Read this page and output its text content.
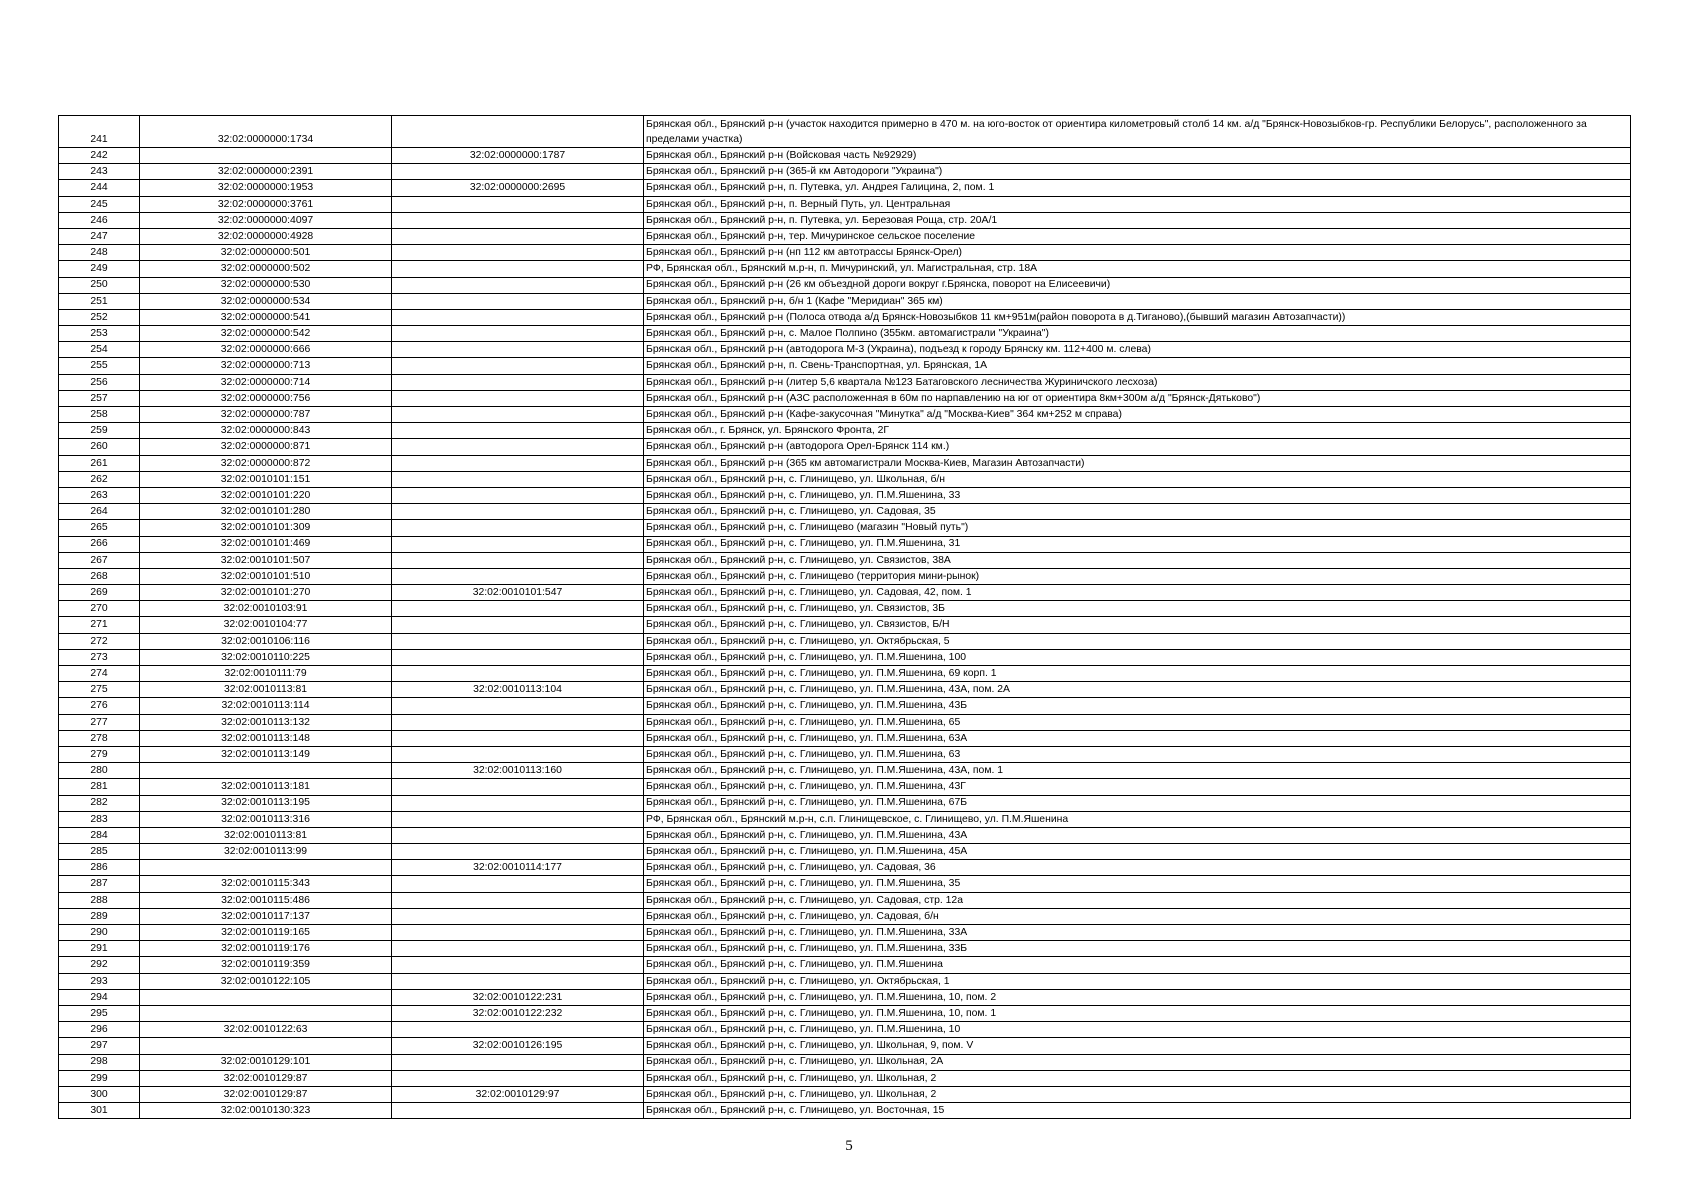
241	32:02:0000000:1734		Брянская обл., Брянский р-н (участок находится примерно в 470 м. на юго-восток от ориентира километровый столб 14 км. а/д "Брянск-Новозыбков-гр. Республики Белорусь", расположенного за пределами участка)
242		32:02:0000000:1787	Брянская обл., Брянский р-н (Войсковая часть №92929)
243	32:02:0000000:2391		Брянская обл., Брянский р-н (365-й км Автодороги "Украина")
244	32:02:0000000:1953	32:02:0000000:2695	Брянская обл., Брянский р-н, п. Путевка, ул. Андрея Галицина, 2, пом. 1
245	32:02:0000000:3761		Брянская обл., Брянский р-н, п. Верный Путь, ул. Центральная
246	32:02:0000000:4097		Брянская обл., Брянский р-н, п. Путевка, ул. Березовая Роща, стр. 20А/1
247	32:02:0000000:4928		Брянская обл., Брянский р-н, тер. Мичуринское сельское поселение
248	32:02:0000000:501		Брянская обл., Брянский р-н (нп 112 км автотрассы Брянск-Орел)
249	32:02:0000000:502		РФ, Брянская обл., Брянский м.р-н, п. Мичуринский, ул. Магистральная, стр. 18А
250	32:02:0000000:530		Брянская обл., Брянский р-н (26 км объездной дороги вокруг г.Брянска, поворот на Елисеевичи)
251	32:02:0000000:534		Брянская обл., Брянский р-н, б/н 1 (Кафе "Меридиан" 365 км)
252	32:02:0000000:541		Брянская обл., Брянский р-н (Полоса отвода а/д Брянск-Новозыбков 11 км+951м(район поворота в д.Тиганово),(бывший магазин Автозапчасти))
253	32:02:0000000:542		Брянская обл., Брянский р-н, с. Малое Полпино (355км. автомагистрали "Украина")
254	32:02:0000000:666		Брянская обл., Брянский р-н (автодорога М-3 (Украина), подъезд к городу Брянску км. 112+400 м. слева)
255	32:02:0000000:713		Брянская обл., Брянский р-н, п. Свень-Транспортная, ул. Брянская, 1А
256	32:02:0000000:714		Брянская обл., Брянский р-н (литер 5,6 квартала №123 Батаговского лесничества Журиничского лесхоза)
257	32:02:0000000:756		Брянская обл., Брянский р-н (АЗС расположенная в 60м по нарпавлению на юг от ориентира 8км+300м а/д "Брянск-Дятьково")
258	32:02:0000000:787		Брянская обл., Брянский р-н (Кафе-закусочная "Минутка" а/д "Москва-Киев" 364 км+252 м справа)
259	32:02:0000000:843		Брянская обл., г. Брянск, ул. Брянского Фронта, 2Г
260	32:02:0000000:871		Брянская обл., Брянский р-н (автодорога Орел-Брянск 114 км.)
261	32:02:0000000:872		Брянская обл., Брянский р-н (365 км автомагистрали Москва-Киев, Магазин Автозапчасти)
262	32:02:0010101:151		Брянская обл., Брянский р-н, с. Глинищево, ул. Школьная, б/н
263	32:02:0010101:220		Брянская обл., Брянский р-н, с. Глинищево, ул. П.М.Яшенина, 33
264	32:02:0010101:280		Брянская обл., Брянский р-н, с. Глинищево, ул. Садовая, 35
265	32:02:0010101:309		Брянская обл., Брянский р-н, с. Глинищево (магазин "Новый путь")
266	32:02:0010101:469		Брянская обл., Брянский р-н, с. Глинищево, ул. П.М.Яшенина, 31
267	32:02:0010101:507		Брянская обл., Брянский р-н, с. Глинищево, ул. Связистов, 38А
268	32:02:0010101:510		Брянская обл., Брянский р-н, с. Глинищево (территория мини-рынок)
269	32:02:0010101:270	32:02:0010101:547	Брянская обл., Брянский р-н, с. Глинищево, ул. Садовая, 42, пом. 1
270	32:02:0010103:91		Брянская обл., Брянский р-н, с. Глинищево, ул. Связистов, 3Б
271	32:02:0010104:77		Брянская обл., Брянский р-н, с. Глинищево, ул. Связистов, Б/Н
272	32:02:0010106:116		Брянская обл., Брянский р-н, с. Глинищево, ул. Октябрьская, 5
273	32:02:0010110:225		Брянская обл., Брянский р-н, с. Глинищево, ул. П.М.Яшенина, 100
274	32:02:0010111:79		Брянская обл., Брянский р-н, с. Глинищево, ул. П.М.Яшенина, 69 корп. 1
275	32:02:0010113:81	32:02:0010113:104	Брянская обл., Брянский р-н, с. Глинищево, ул. П.М.Яшенина, 43А, пом. 2А
276	32:02:0010113:114		Брянская обл., Брянский р-н, с. Глинищево, ул. П.М.Яшенина, 43Б
277	32:02:0010113:132		Брянская обл., Брянский р-н, с. Глинищево, ул. П.М.Яшенина, 65
278	32:02:0010113:148		Брянская обл., Брянский р-н, с. Глинищево, ул. П.М.Яшенина, 63А
279	32:02:0010113:149		Брянская обл., Брянский р-н, с. Глинищево, ул. П.М.Яшенина, 63
280		32:02:0010113:160	Брянская обл., Брянский р-н, с. Глинищево, ул. П.М.Яшенина, 43А, пом. 1
281	32:02:0010113:181		Брянская обл., Брянский р-н, с. Глинищево, ул. П.М.Яшенина, 43Г
282	32:02:0010113:195		Брянская обл., Брянский р-н, с. Глинищево, ул. П.М.Яшенина, 67Б
283	32:02:0010113:316		РФ, Брянская обл., Брянский м.р-н, с.п. Глинищевское, с. Глинищево, ул. П.М.Яшенина
284	32:02:0010113:81		Брянская обл., Брянский р-н, с. Глинищево, ул. П.М.Яшенина, 43А
285	32:02:0010113:99		Брянская обл., Брянский р-н, с. Глинищево, ул. П.М.Яшенина, 45А
286		32:02:0010114:177	Брянская обл., Брянский р-н, с. Глинищево, ул. Садовая, 36
287	32:02:0010115:343		Брянская обл., Брянский р-н, с. Глинищево, ул. П.М.Яшенина, 35
288	32:02:0010115:486		Брянская обл., Брянский р-н, с. Глинищево, ул. Садовая, стр. 12а
289	32:02:0010117:137		Брянская обл., Брянский р-н, с. Глинищево, ул. Садовая, б/н
290	32:02:0010119:165		Брянская обл., Брянский р-н, с. Глинищево, ул. П.М.Яшенина, 33А
291	32:02:0010119:176		Брянская обл., Брянский р-н, с. Глинищево, ул. П.М.Яшенина, 33Б
292	32:02:0010119:359		Брянская обл., Брянский р-н, с. Глинищево, ул. П.М.Яшенина
293	32:02:0010122:105		Брянская обл., Брянский р-н, с. Глинищево, ул. Октябрьская, 1
294		32:02:0010122:231	Брянская обл., Брянский р-н, с. Глинищево, ул. П.М.Яшенина, 10, пом. 2
295		32:02:0010122:232	Брянская обл., Брянский р-н, с. Глинищево, ул. П.М.Яшенина, 10, пом. 1
296	32:02:0010122:63		Брянская обл., Брянский р-н, с. Глинищево, ул. П.М.Яшенина, 10
297		32:02:0010126:195	Брянская обл., Брянский р-н, с. Глинищево, ул. Школьная, 9, пом. V
298	32:02:0010129:101		Брянская обл., Брянский р-н, с. Глинищево, ул. Школьная, 2А
299	32:02:0010129:87		Брянская обл., Брянский р-н, с. Глинищево, ул. Школьная, 2
300	32:02:0010129:87	32:02:0010129:97	Брянская обл., Брянский р-н, с. Глинищево, ул. Школьная, 2
301	32:02:0010130:323		Брянская обл., Брянский р-н, с. Глинищево, ул. Восточная, 15
5
